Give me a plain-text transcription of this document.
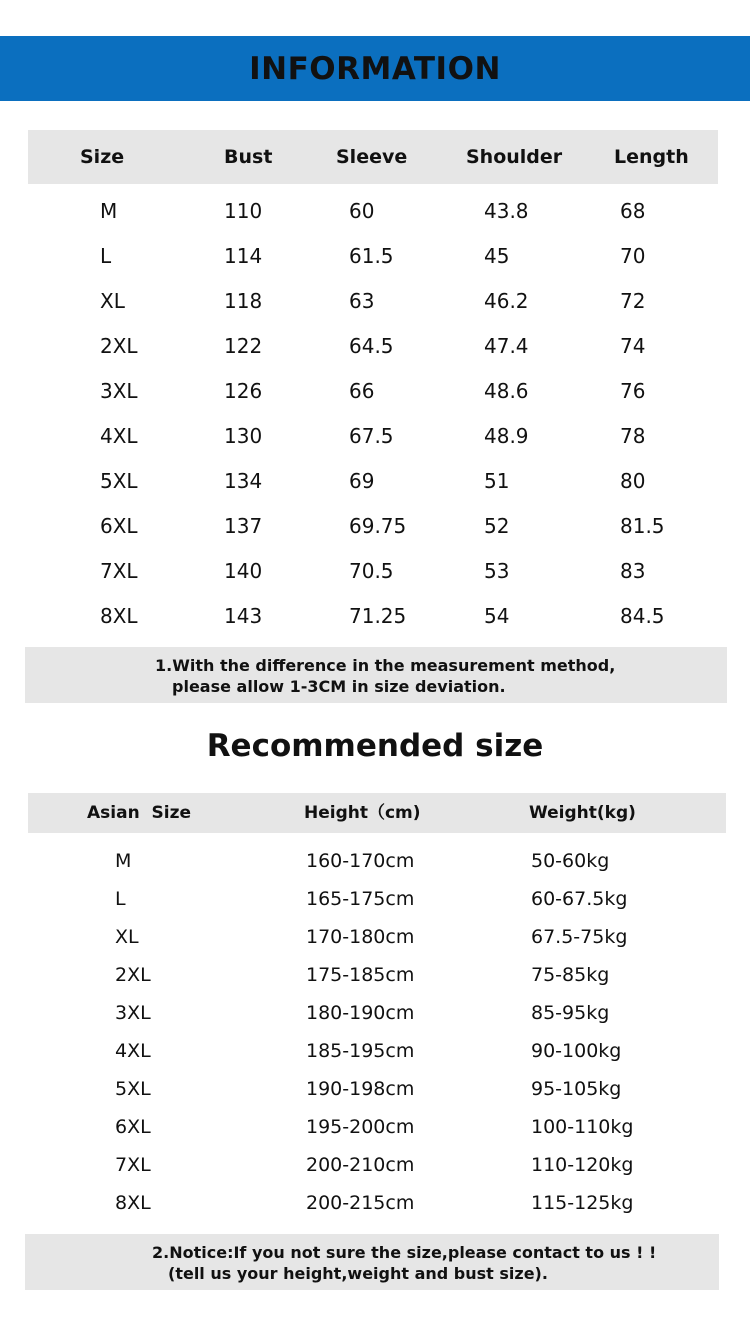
INFORMATION
Size	Bust	Sleeve	Shoulder	Length
M	110	60	43.8	68
L	114	61.5	45	70
XL	118	63	46.2	72
2XL	122	64.5	47.4	74
3XL	126	66	48.6	76
4XL	130	67.5	48.9	78
5XL	134	69	51	80
6XL	137	69.75	52	81.5
7XL	140	70.5	53	83
8XL	143	71.25	54	84.5
1.With the difference in the measurement method,
please allow 1-3CM in size deviation.
Recommended size
Asian  Size	Height（cm)	Weight(kg)
M	160-170cm	50-60kg
L	165-175cm	60-67.5kg
XL	170-180cm	67.5-75kg
2XL	175-185cm	75-85kg
3XL	180-190cm	85-95kg
4XL	185-195cm	90-100kg
5XL	190-198cm	95-105kg
6XL	195-200cm	100-110kg
7XL	200-210cm	110-120kg
8XL	200-215cm	115-125kg
2.Notice:If you not sure the size,please contact to us ! !
(tell us your height,weight and bust size).
